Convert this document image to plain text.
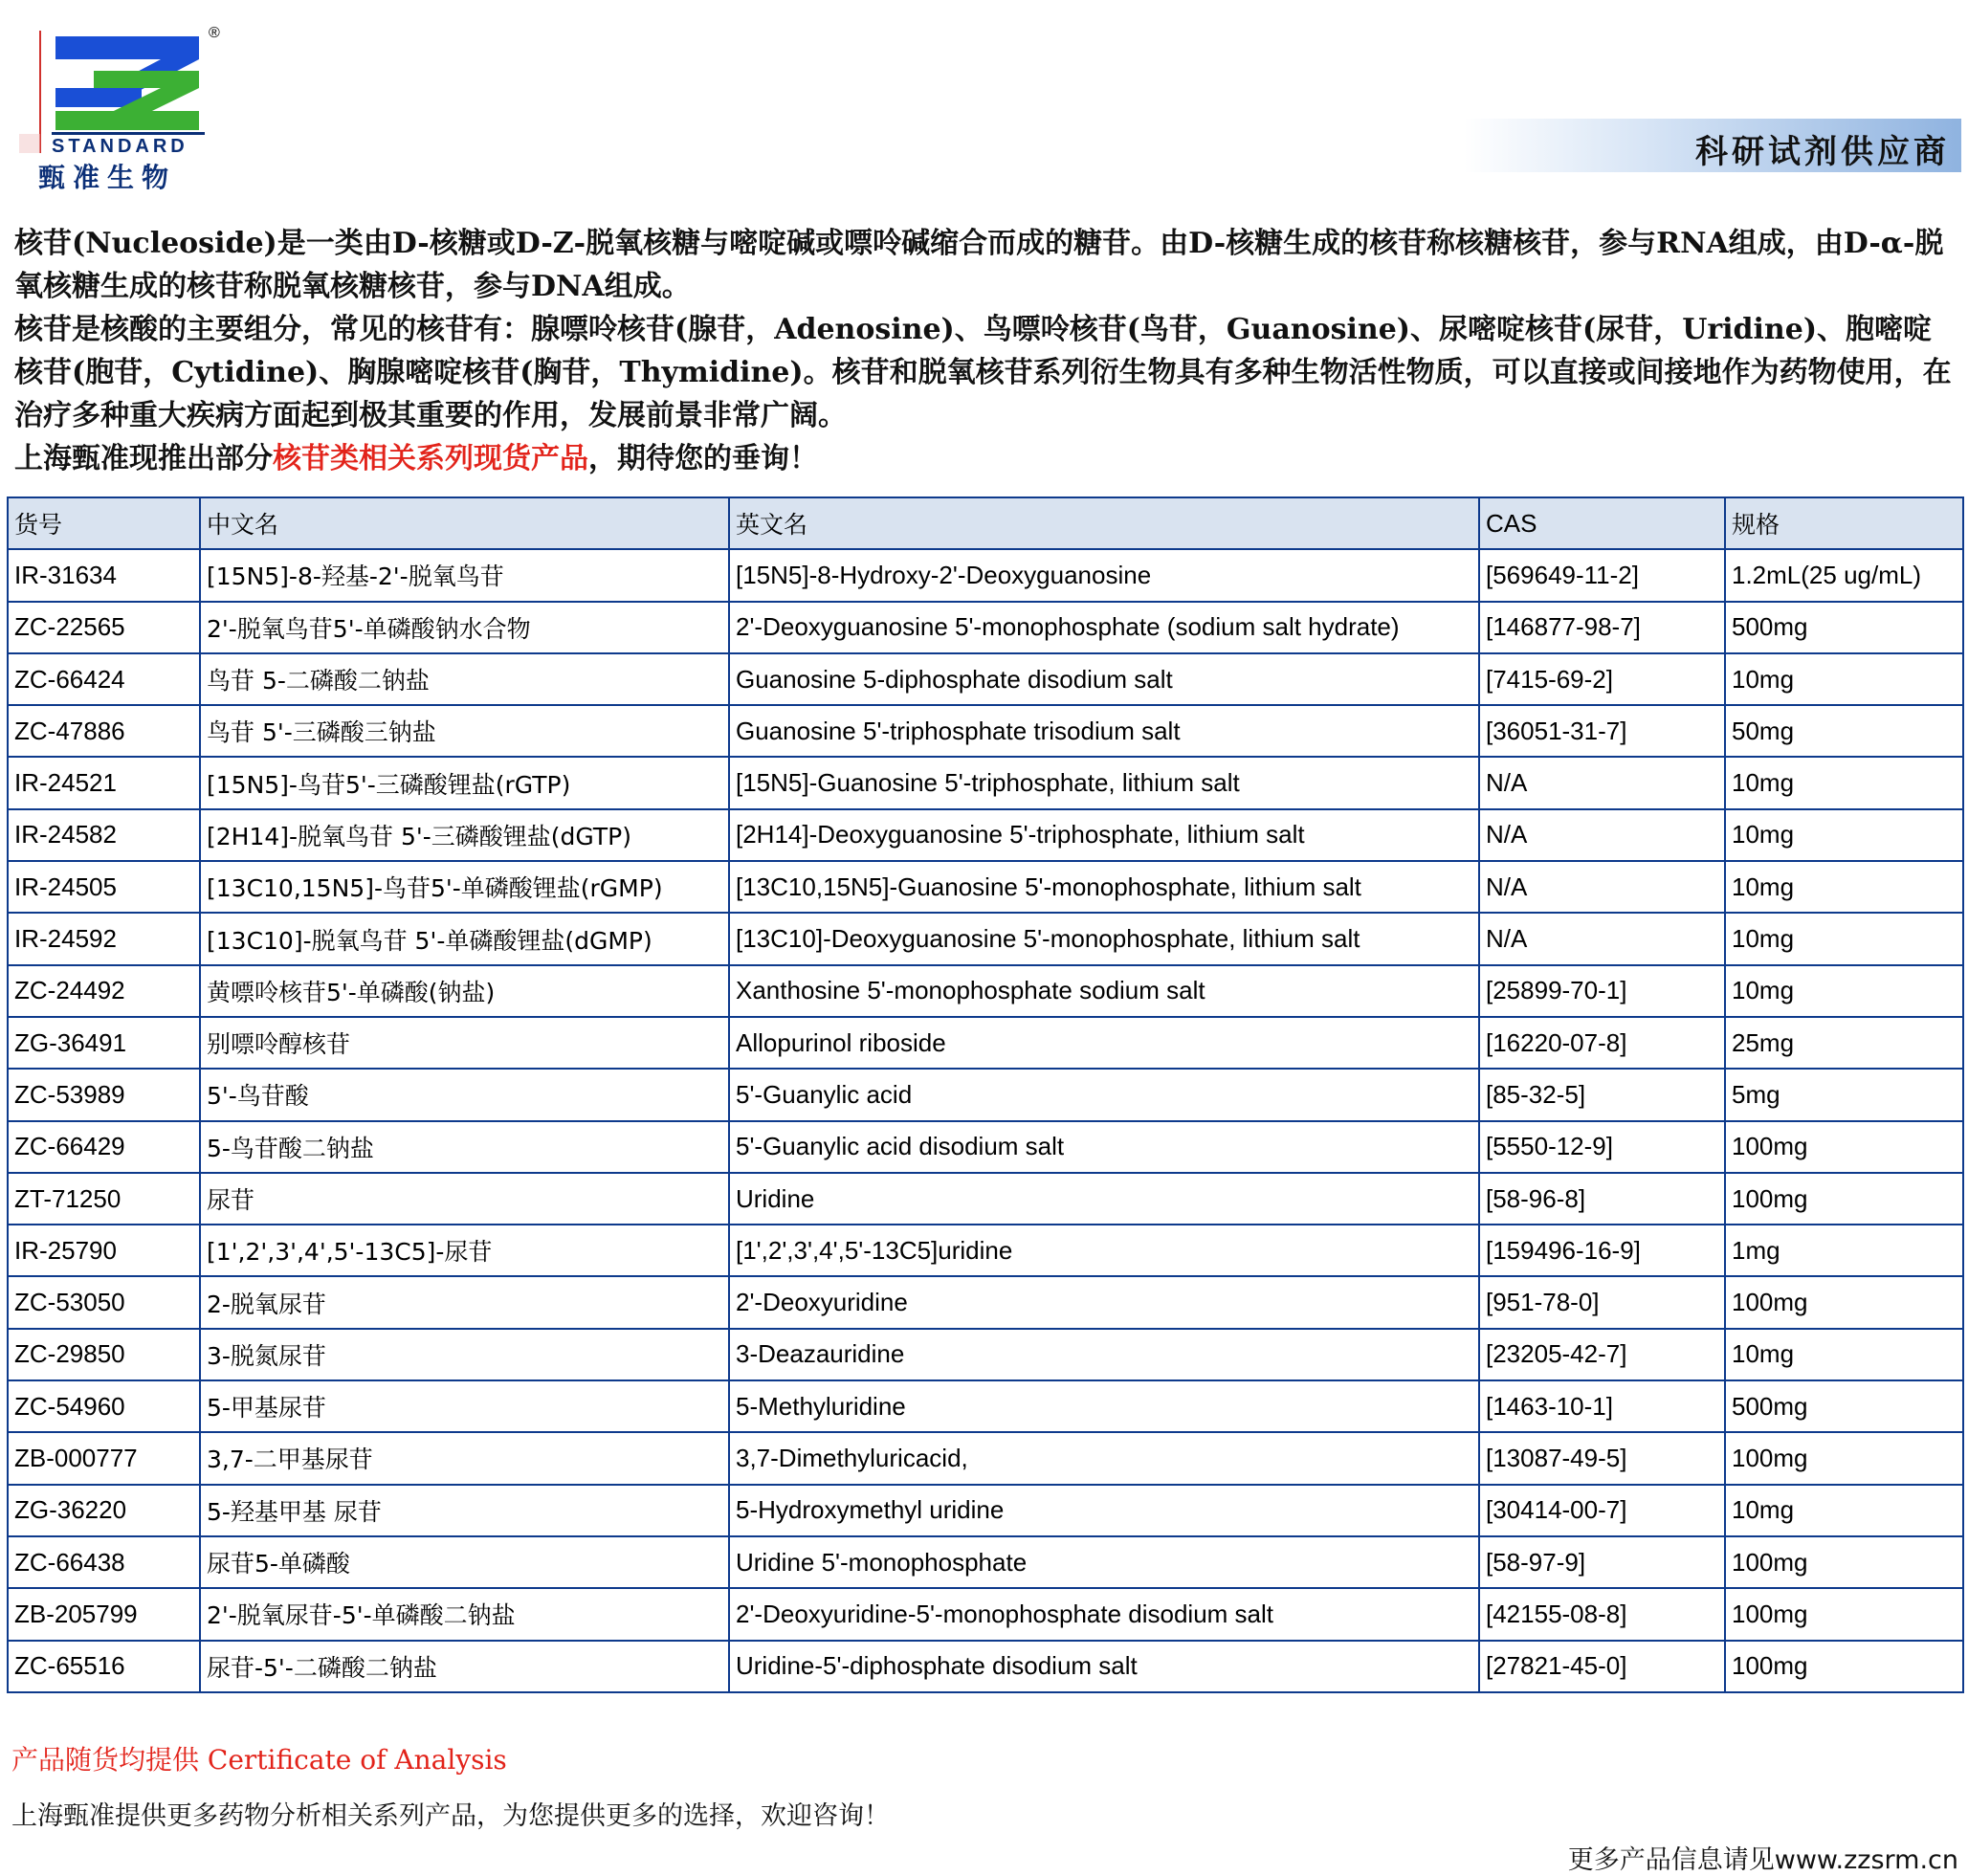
®
STANDARD
甄准生物
科研试剂供应商

核苷(Nucleoside)是一类由D-核糖或D-Z-脱氧核糖与嘧啶碱或嘌呤碱缩合而成的糖苷。由D-核糖生成的核苷称核糖核苷，参与RNA组成，由D-α-脱氧核糖生成的核苷称脱氧核糖核苷，参与DNA组成。

核苷是核酸的主要组分，常见的核苷有：腺嘌呤核苷(腺苷，Adenosine)、鸟嘌呤核苷(鸟苷，Guanosine)、尿嘧啶核苷(尿苷，Uridine)、胞嘧啶核苷(胞苷，Cytidine)、胸腺嘧啶核苷(胸苷，Thymidine)。核苷和脱氧核苷系列衍生物具有多种生物活性物质，可以直接或间接地作为药物使用，在治疗多种重大疾病方面起到极其重要的作用，发展前景非常广阔。

上海甄准现推出部分核苷类相关系列现货产品，期待您的垂询！

货号	中文名	英文名	CAS	规格
IR-31634	[15N5]-8-羟基-2'-脱氧鸟苷	[15N5]-8-Hydroxy-2'-Deoxyguanosine	[569649-11-2]	1.2mL(25 ug/mL)
ZC-22565	2'-脱氧鸟苷5'-单磷酸钠水合物	2'-Deoxyguanosine 5'-monophosphate (sodium salt hydrate)	[146877-98-7]	500mg
ZC-66424	鸟苷 5-二磷酸二钠盐	Guanosine 5-diphosphate disodium salt	[7415-69-2]	10mg
ZC-47886	鸟苷 5'-三磷酸三钠盐	Guanosine 5'-triphosphate trisodium salt	[36051-31-7]	50mg
IR-24521	[15N5]-鸟苷5'-三磷酸锂盐(rGTP)	[15N5]-Guanosine 5'-triphosphate, lithium salt	N/A	10mg
IR-24582	[2H14]-脱氧鸟苷 5'-三磷酸锂盐(dGTP)	[2H14]-Deoxyguanosine 5'-triphosphate, lithium salt	N/A	10mg
IR-24505	[13C10,15N5]-鸟苷5'-单磷酸锂盐(rGMP)	[13C10,15N5]-Guanosine 5'-monophosphate, lithium salt	N/A	10mg
IR-24592	[13C10]-脱氧鸟苷 5'-单磷酸锂盐(dGMP)	[13C10]-Deoxyguanosine 5'-monophosphate, lithium salt	N/A	10mg
ZC-24492	黄嘌呤核苷5'-单磷酸(钠盐)	Xanthosine 5'-monophosphate sodium salt	[25899-70-1]	10mg
ZG-36491	别嘌呤醇核苷	Allopurinol riboside	[16220-07-8]	25mg
ZC-53989	5'-鸟苷酸	5'-Guanylic acid	[85-32-5]	5mg
ZC-66429	5-鸟苷酸二钠盐	5'-Guanylic acid disodium salt	[5550-12-9]	100mg
ZT-71250	尿苷	Uridine	[58-96-8]	100mg
IR-25790	[1',2',3',4',5'-13C5]-尿苷	[1',2',3',4',5'-13C5]uridine	[159496-16-9]	1mg
ZC-53050	2-脱氧尿苷	2'-Deoxyuridine	[951-78-0]	100mg
ZC-29850	3-脱氮尿苷	3-Deazauridine	[23205-42-7]	10mg
ZC-54960	5-甲基尿苷	5-Methyluridine	[1463-10-1]	500mg
ZB-000777	3,7-二甲基尿苷	3,7-Dimethyluricacid,	[13087-49-5]	100mg
ZG-36220	5-羟基甲基 尿苷	5-Hydroxymethyl uridine	[30414-00-7]	10mg
ZC-66438	尿苷5-单磷酸	Uridine 5'-monophosphate	[58-97-9]	100mg
ZB-205799	2'-脱氧尿苷-5'-单磷酸二钠盐	2'-Deoxyuridine-5'-monophosphate disodium salt	[42155-08-8]	100mg
ZC-65516	尿苷-5'-二磷酸二钠盐	Uridine-5'-diphosphate disodium salt	[27821-45-0]	100mg
产品随货均提供 Certificate of Analysis
上海甄准提供更多药物分析相关系列产品，为您提供更多的选择，欢迎咨询！
更多产品信息请见www.zzsrm.cn
